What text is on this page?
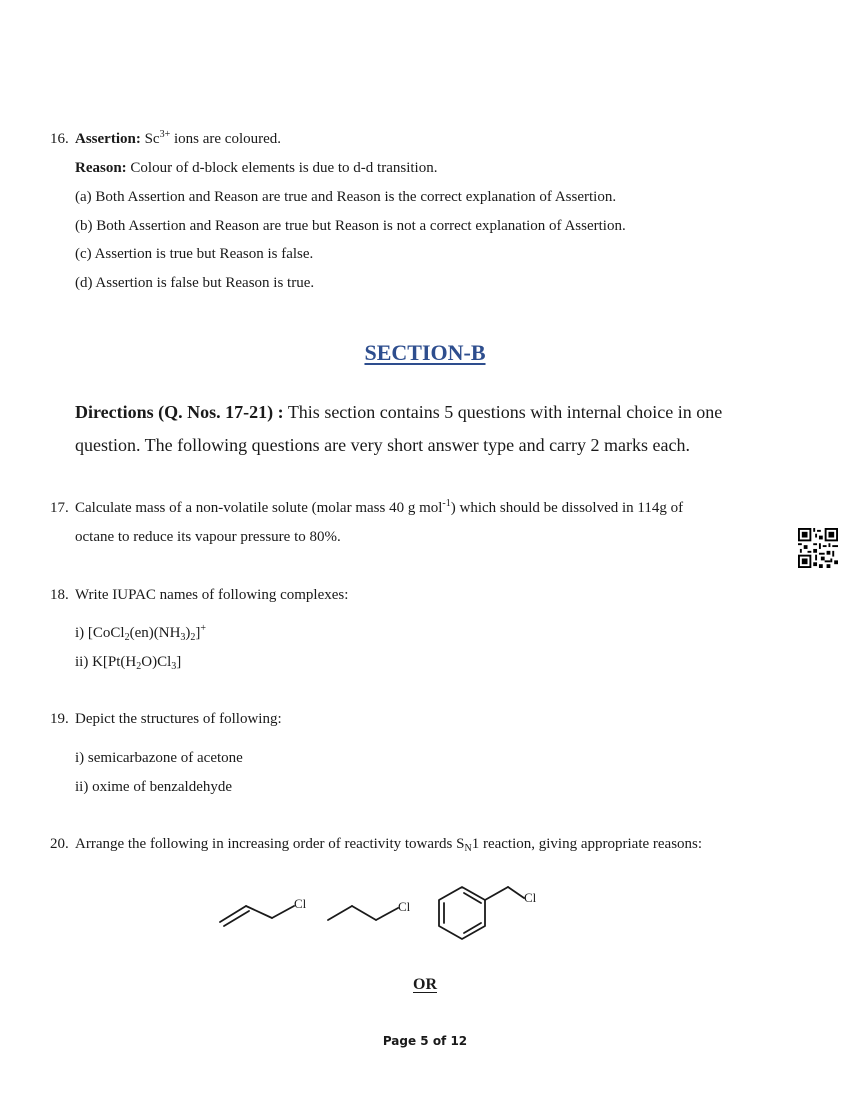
16. Assertion: $Sc^{3+}$ ions are coloured.
Reason: Colour of d-block elements is due to d-d transition.
(a) Both Assertion and Reason are true and Reason is the correct explanation of Assertion.
(b) Both Assertion and Reason are true but Reason is not a correct explanation of Assertion.
(c) Assertion is true but Reason is false.
(d) Assertion is false but Reason is true.
SECTION-B
Directions (Q. Nos. 17-21) : This section contains 5 questions with internal choice in one
question. The following questions are very short answer type and carry 2 marks each.
17. Calculate mass of a non-volatile solute (molar mass 40 g mol$^{-1}$) which should be dissolved in 114g of
octane to reduce its vapour pressure to 80%.
18. Write IUPAC names of following complexes:
i) $[CoCl_2(en)(NH_3)_2]^+$
ii) $K[Pt(H_2O)Cl_3]$
19. Depict the structures of following:
i) semicarbazone of acetone
ii) oxime of benzaldehyde
20. Arrange the following in increasing order of reactivity towards $S_N1$ reaction, giving appropriate reasons:
Cl	Cl
Cl
OR
Page 5 of 12
